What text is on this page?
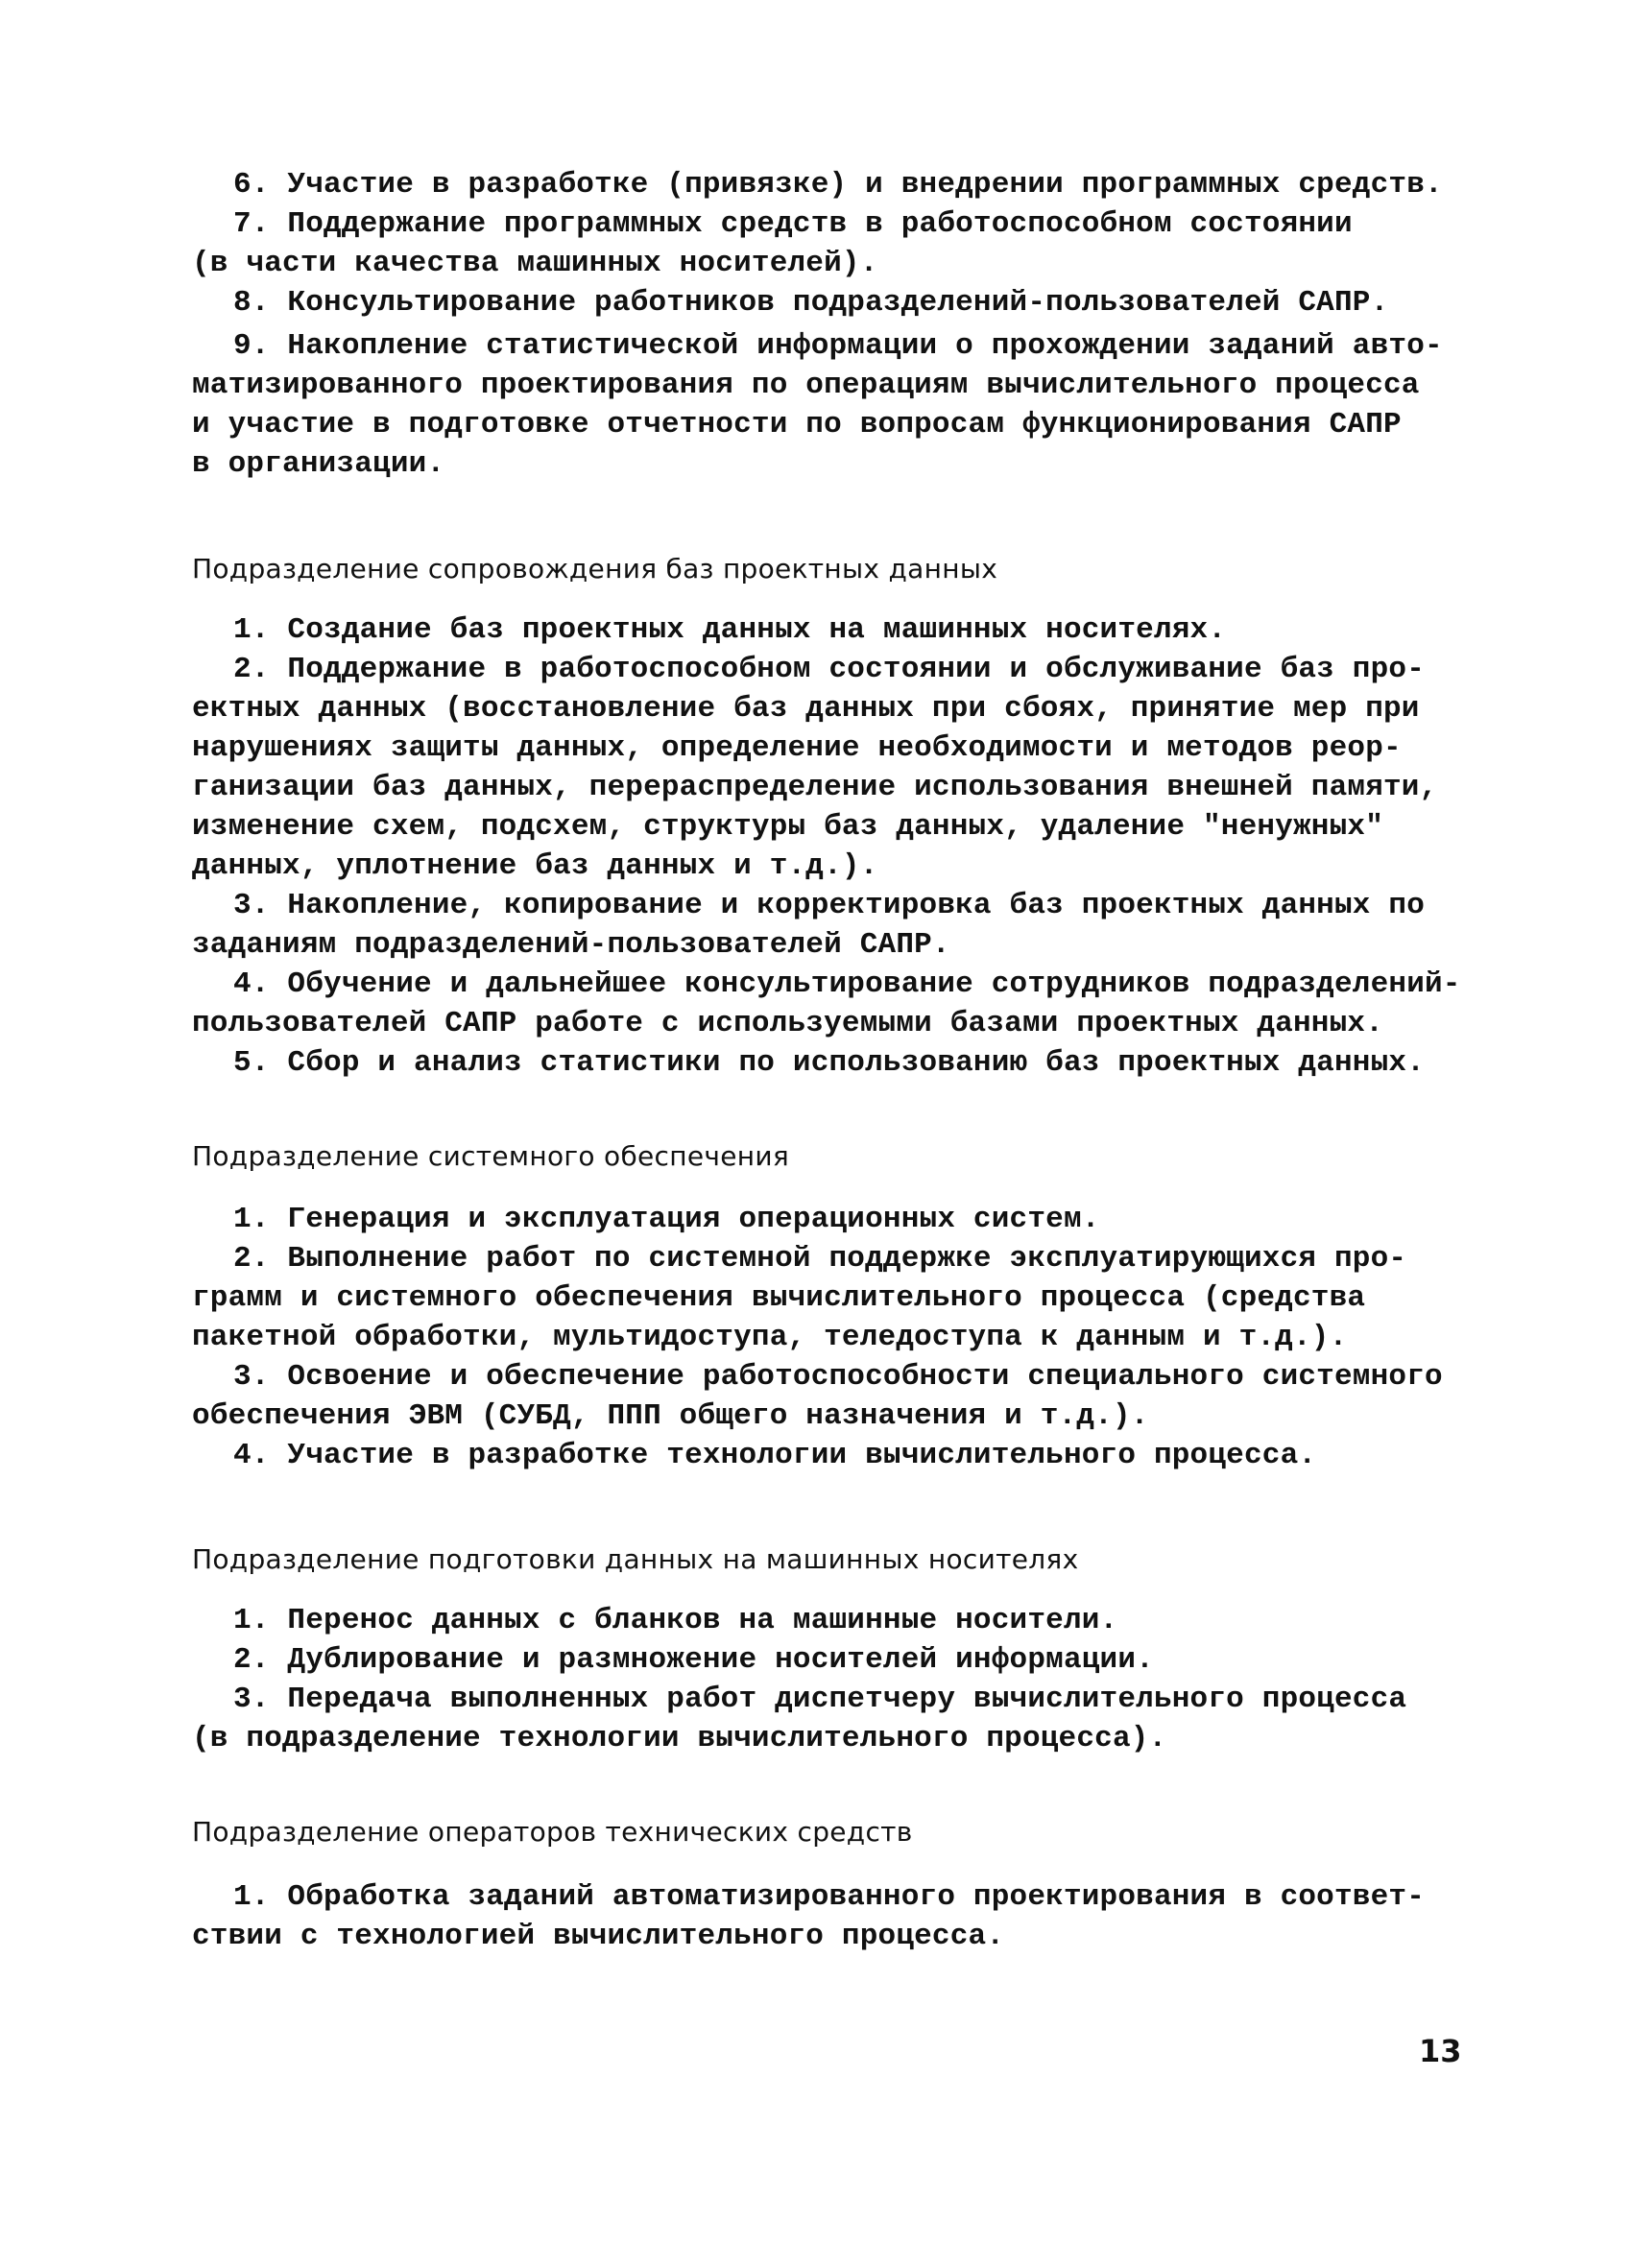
6. Участие в разработке (привязке) и внедрении программных средств.
7. Поддержание программных средств в работоспособном состоянии
(в части качества машинных носителей).
8. Консультирование работников подразделений-пользователей САПР.
9. Накопление статистической информации о прохождении заданий авто-
матизированного проектирования по операциям вычислительного процесса
и участие в подготовке отчетности по вопросам функционирования САПР
в организации.
Подразделение сопровождения баз проектных данных
1. Создание баз проектных данных на машинных носителях.
2. Поддержание в работоспособном состоянии и обслуживание баз про-
ектных данных (восстановление баз данных при сбоях, принятие мер при
нарушениях защиты данных, определение необходимости и методов реор-
ганизации баз данных, перераспределение использования внешней памяти,
изменение схем, подсхем, структуры баз данных, удаление "ненужных"
данных, уплотнение баз данных и т.д.).
3. Накопление, копирование и корректировка баз проектных данных по
заданиям подразделений-пользователей САПР.
4. Обучение и дальнейшее консультирование сотрудников подразделений-
пользователей САПР работе с используемыми базами проектных данных.
5. Сбор и анализ статистики по использованию баз проектных данных.
Подразделение системного обеспечения
1. Генерация и эксплуатация операционных систем.
2. Выполнение работ по системной поддержке эксплуатирующихся про-
грамм и системного обеспечения вычислительного процесса (средства
пакетной обработки, мультидоступа, теледоступа к данным и т.д.).
3. Освоение и обеспечение работоспособности специального системного
обеспечения ЭВМ (СУБД, ППП общего назначения и т.д.).
4. Участие в разработке технологии вычислительного процесса.
Подразделение подготовки данных на машинных носителях
1. Перенос данных с бланков на машинные носители.
2. Дублирование и размножение носителей информации.
3. Передача выполненных работ диспетчеру вычислительного процесса
(в подразделение технологии вычислительного процесса).
Подразделение операторов технических средств
1. Обработка заданий автоматизированного проектирования в соответ-
ствии с технологией вычислительного процесса.
13
